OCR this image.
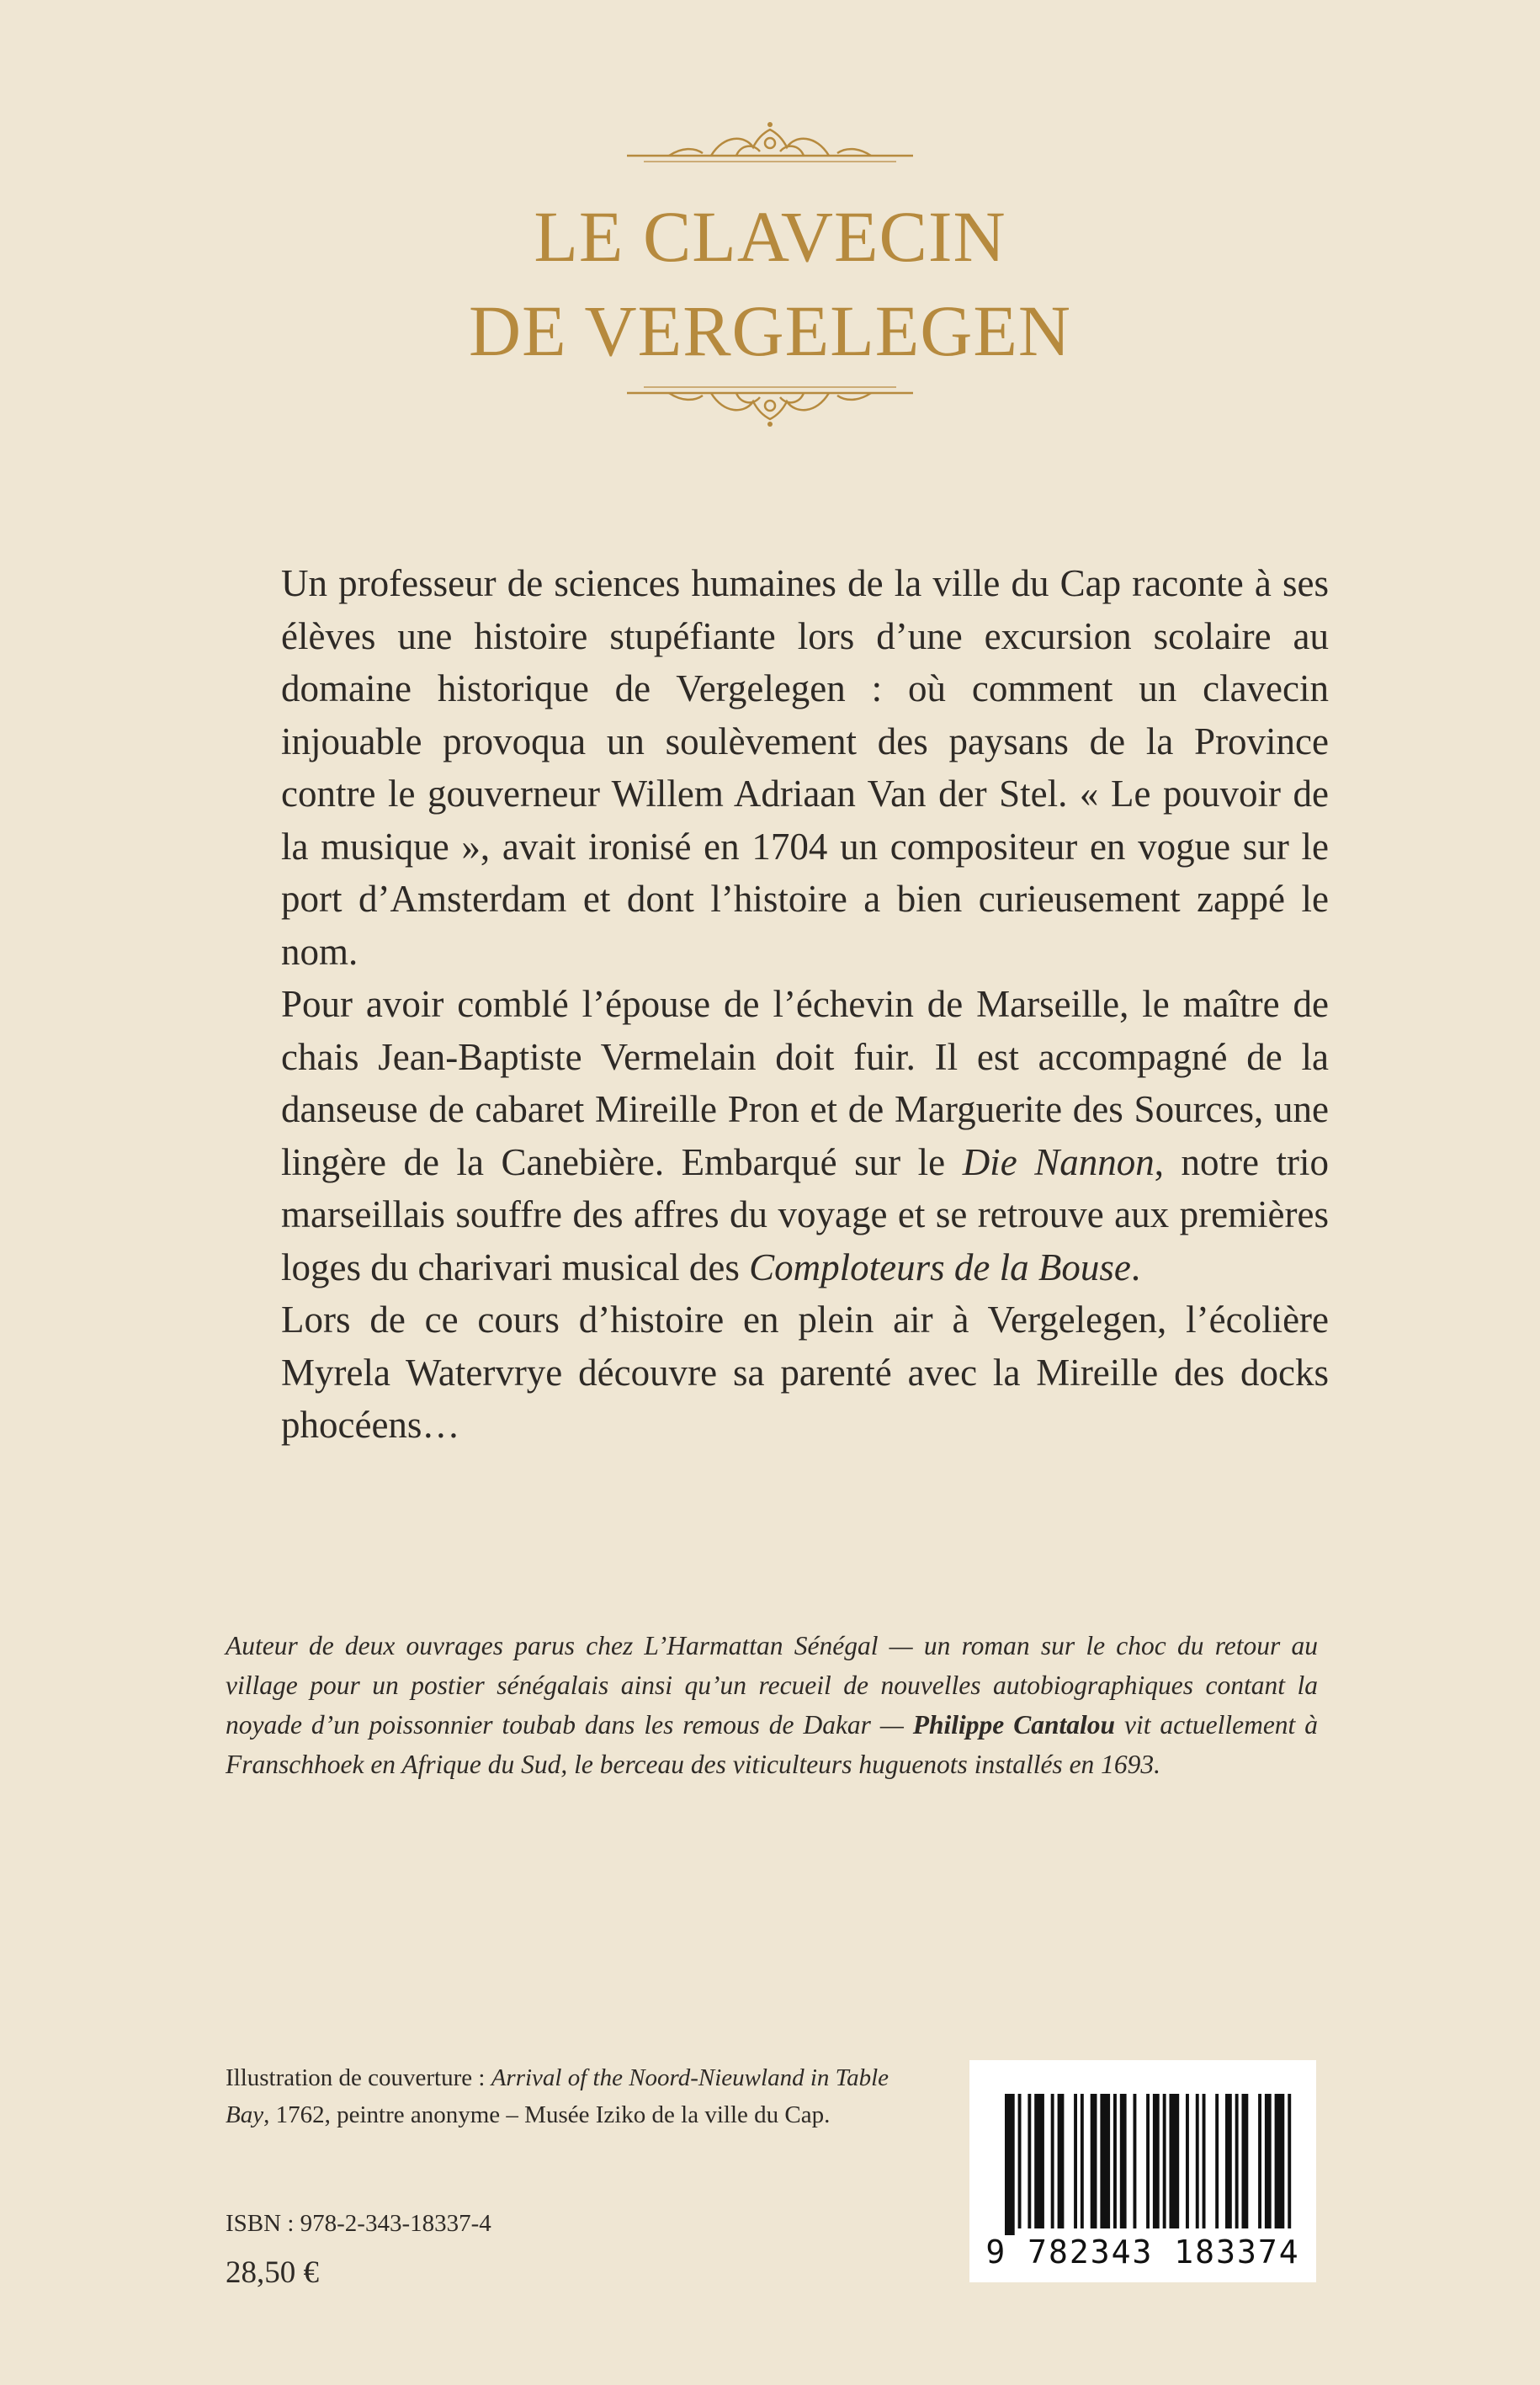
LE CLAVECIN
DE VERGELEGEN

Un professeur de sciences humaines de la ville du Cap raconte à ses élèves une histoire stupéfiante lors d’une excursion scolaire au domaine historique de Vergelegen : où comment un clavecin injouable provoqua un soulèvement des paysans de la Province contre le gouverneur Willem Adriaan Van der Stel. « Le pouvoir de la musique », avait ironisé en 1704 un compositeur en vogue sur le port d’Amsterdam et dont l’histoire a bien curieusement zappé le nom.

Pour avoir comblé l’épouse de l’échevin de Marseille, le maître de chais Jean-Baptiste Vermelain doit fuir. Il est accompagné de la danseuse de cabaret Mireille Pron et de Marguerite des Sources, une lingère de la Canebière. Embarqué sur le Die Nannon, notre trio marseillais souffre des affres du voyage et se retrouve aux premières loges du charivari musical des Comploteurs de la Bouse.

Lors de ce cours d’histoire en plein air à Vergelegen, l’écolière Myrela Watervrye découvre sa parenté avec la Mireille des docks phocéens…

Auteur de deux ouvrages parus chez L’Harmattan Sénégal — un roman sur le choc du retour au village pour un postier sénégalais ainsi qu’un recueil de nouvelles autobiographiques contant la noyade d’un poissonnier toubab dans les remous de Dakar — Philippe Cantalou vit actuellement à Franschhoek en Afrique du Sud, le berceau des viticulteurs huguenots installés en 1693.
Illustration de couverture : Arrival of the Noord-Nieuwland in Table Bay, 1762, peintre anonyme – Musée Iziko de la ville du Cap.
ISBN : 978-2-343-18337-4
28,50 €
9 782343 183374
